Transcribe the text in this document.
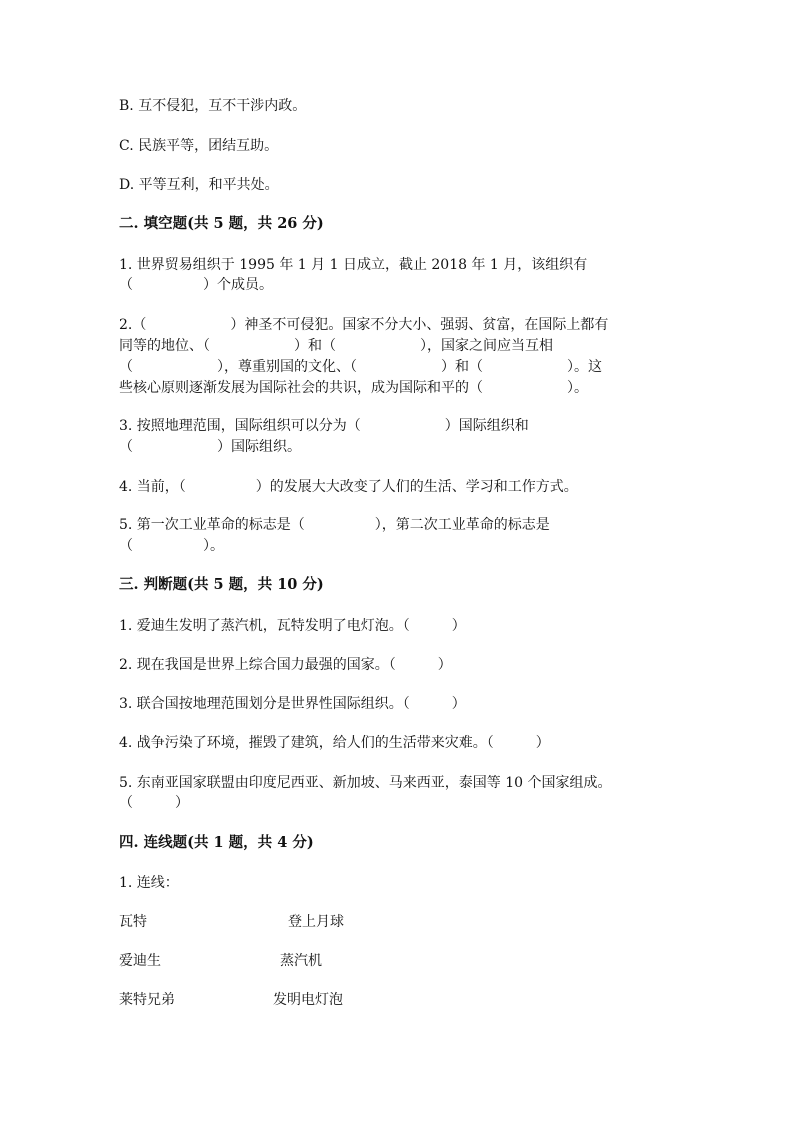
B. 互不侵犯，互不干涉内政。
C. 民族平等，团结互助。
D. 平等互利，和平共处。
二. 填空题(共 5 题，共 26 分)
1. 世界贸易组织于 1995 年 1 月 1 日成立，截止 2018 年 1 月，该组织有
（　　　　　）个成员。
2.（　　　　　　）神圣不可侵犯。国家不分大小、强弱、贫富，在国际上都有
同等的地位、（　　　　　　）和（　　　　　　），国家之间应当互相
（　　　　　　），尊重别国的文化、（　　　　　　）和（　　　　　　）。这
些核心原则逐渐发展为国际社会的共识，成为国际和平的（　　　　　　）。
3. 按照地理范围，国际组织可以分为（　　　　　　）国际组织和
（　　　　　　）国际组织。
4. 当前，（　　　　　）的发展大大改变了人们的生活、学习和工作方式。
5. 第一次工业革命的标志是（　　　　　），第二次工业革命的标志是
（　　　　　）。
三. 判断题(共 5 题，共 10 分)
1. 爱迪生发明了蒸汽机，瓦特发明了电灯泡。（　　　）
2. 现在我国是世界上综合国力最强的国家。（　　　）
3. 联合国按地理范围划分是世界性国际组织。（　　　）
4. 战争污染了环境，摧毁了建筑，给人们的生活带来灾难。（　　　）
5. 东南亚国家联盟由印度尼西亚、新加坡、马来西亚，泰国等 10 个国家组成。
（　　　）
四. 连线题(共 1 题，共 4 分)
1. 连线：
瓦特	登上月球
爱迪生	蒸汽机
莱特兄弟	发明电灯泡
